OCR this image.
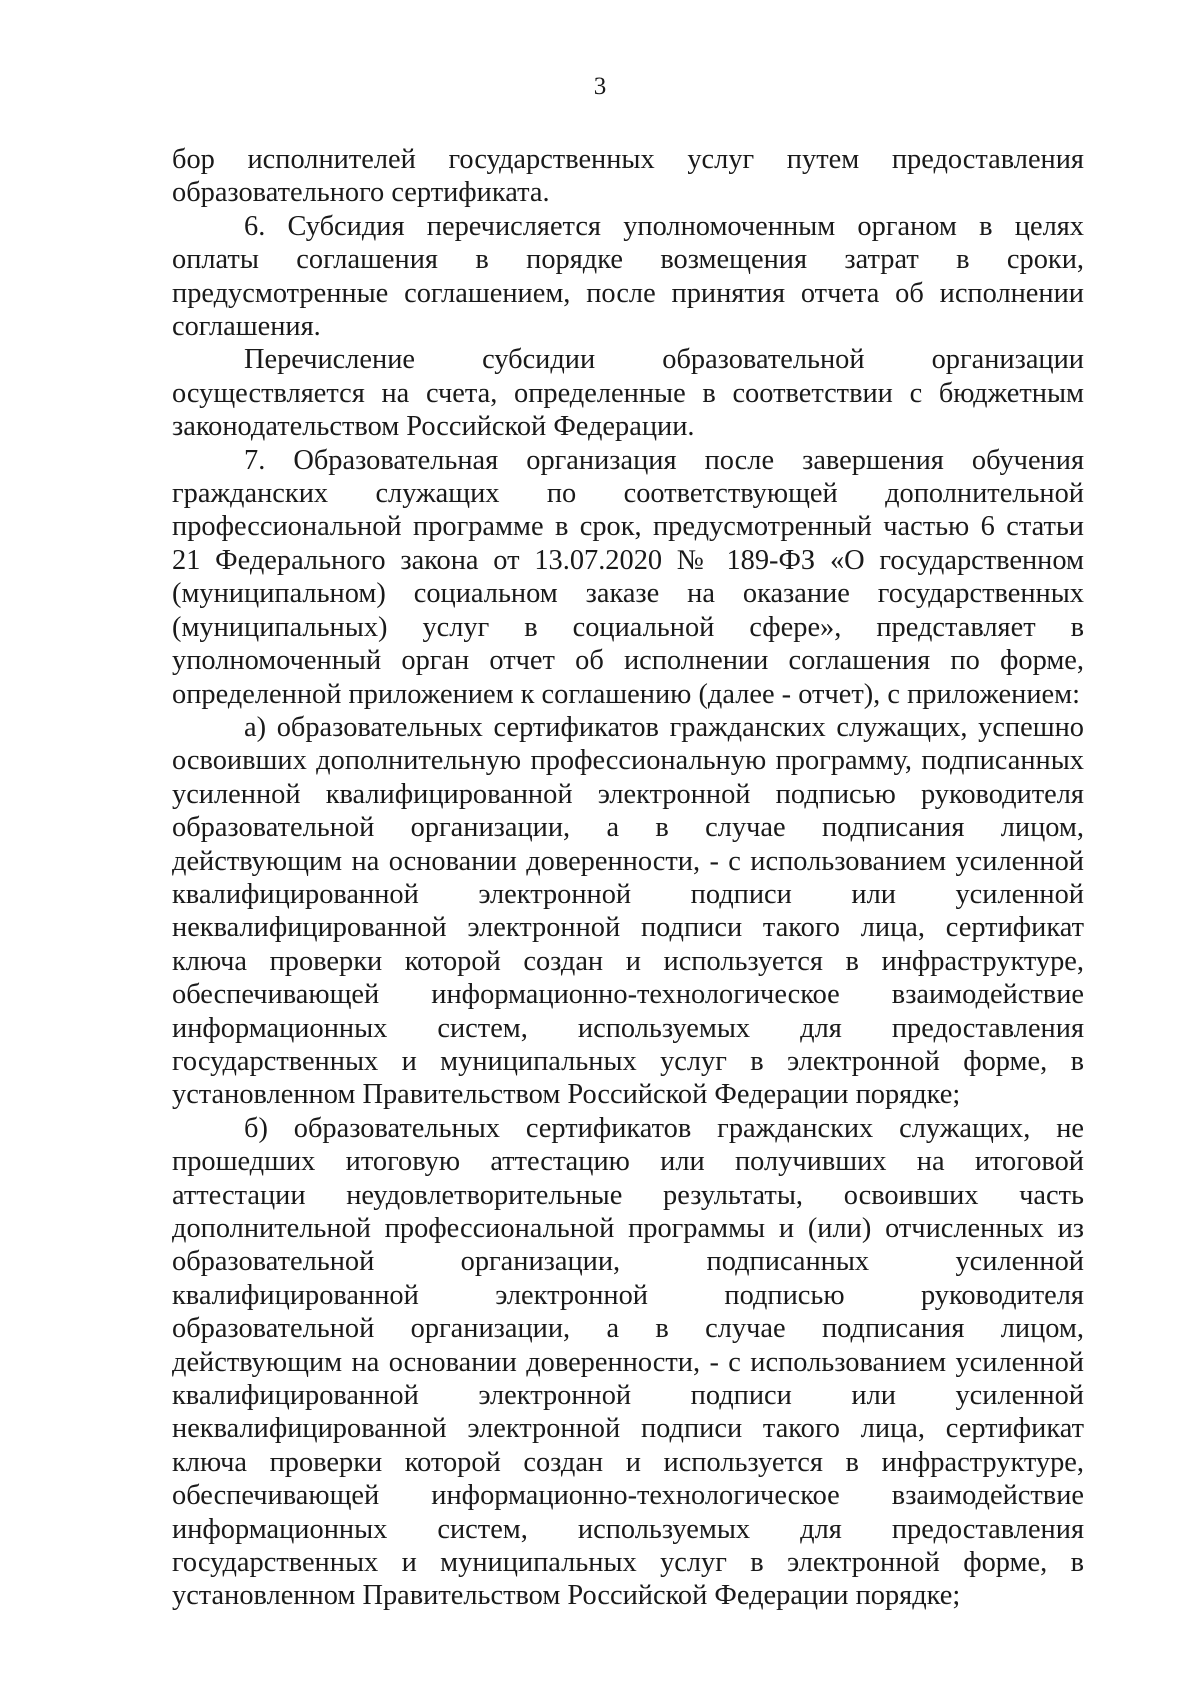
3

бор исполнителей государственных услуг путем предоставления образовательного сертификата.

6. Субсидия перечисляется уполномоченным органом в целях оплаты соглашения в порядке возмещения затрат в сроки, предусмотренные соглашением, после принятия отчета об исполнении соглашения.

Перечисление субсидии образовательной организации осуществляется на счета, определенные в соответствии с бюджетным законодательством Российской Федерации.

7. Образовательная организация после завершения обучения гражданских служащих по соответствующей дополнительной профессиональной программе в срок, предусмотренный частью 6 статьи 21 Федерального закона от 13.07.2020 № 189-ФЗ «О государственном (муниципальном) социальном заказе на оказание государственных (муниципальных) услуг в социальной сфере», представляет в уполномоченный орган отчет об исполнении соглашения по форме, определенной приложением к соглашению (далее - отчет), с приложением:

а) образовательных сертификатов гражданских служащих, успешно освоивших дополнительную профессиональную программу, подписанных усиленной квалифицированной электронной подписью руководителя образовательной организации, а в случае подписания лицом, действующим на основании доверенности, - с использованием усиленной квалифицированной электронной подписи или усиленной неквалифицированной электронной подписи такого лица, сертификат ключа проверки которой создан и используется в инфраструктуре, обеспечивающей информационно-технологическое взаимодействие информационных систем, используемых для предоставления государственных и муниципальных услуг в электронной форме, в установленном Правительством Российской Федерации порядке;

б) образовательных сертификатов гражданских служащих, не прошедших итоговую аттестацию или получивших на итоговой аттестации неудовлетворительные результаты, освоивших часть дополнительной профессиональной программы и (или) отчисленных из образовательной организации, подписанных усиленной квалифицированной электронной подписью руководителя образовательной организации, а в случае подписания лицом, действующим на основании доверенности, - с использованием усиленной квалифицированной электронной подписи или усиленной неквалифицированной электронной подписи такого лица, сертификат ключа проверки которой создан и используется в инфраструктуре, обеспечивающей информационно-технологическое взаимодействие информационных систем, используемых для предоставления государственных и муниципальных услуг в электронной форме, в установленном Правительством Российской Федерации порядке;
